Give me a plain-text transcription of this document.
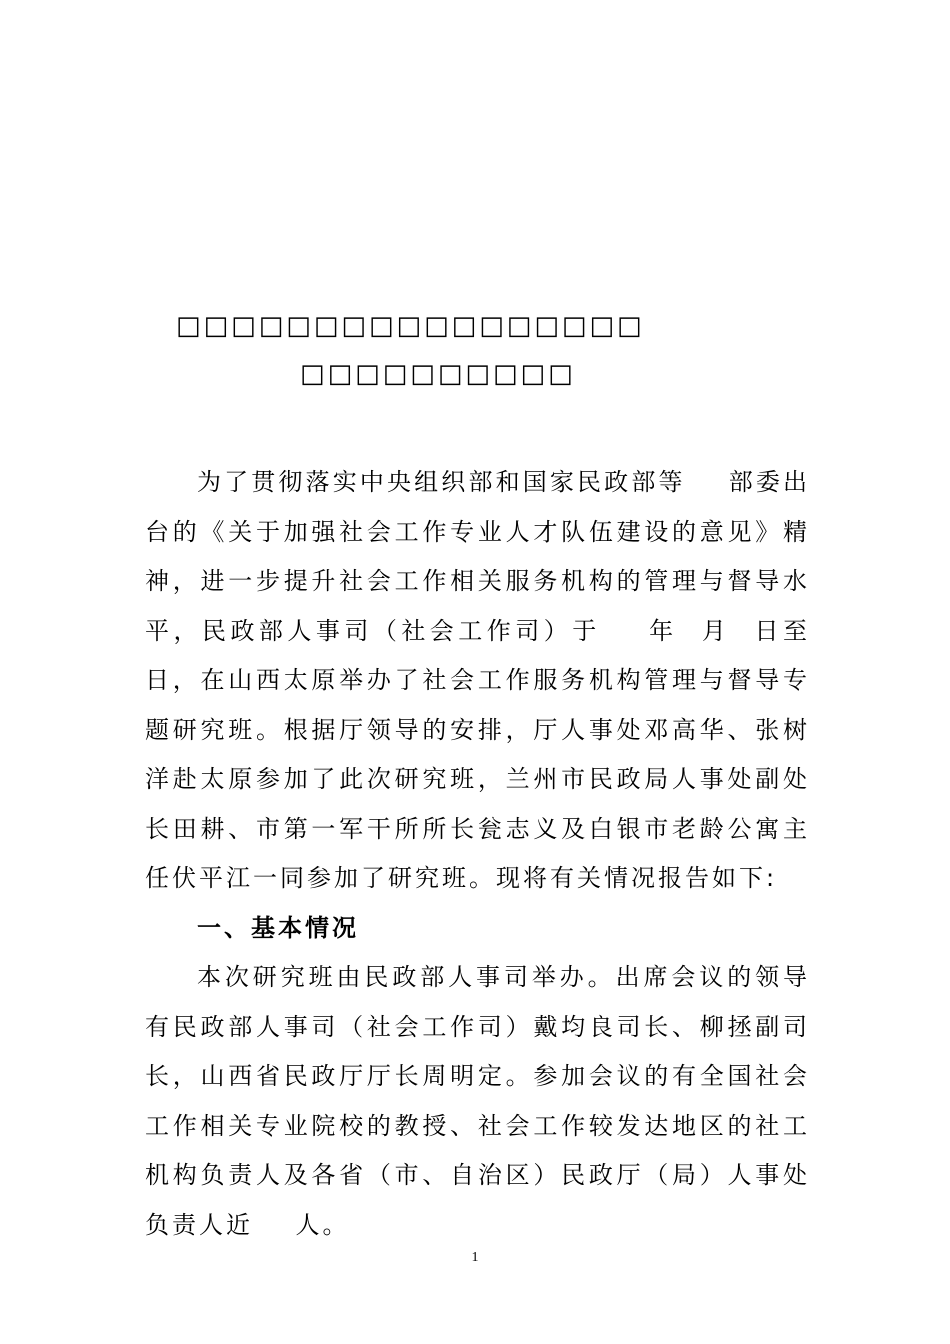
□□□□□□□□□□□□□□□□□
□□□□□□□□□□

为了贯彻落实中央组织部和国家民政部等    部委出台的《关于加强社会工作专业人才队伍建设的意见》精神，进一步提升社会工作相关服务机构的管理与督导水平，民政部人事司（社会工作司）于    年  月  日至  日，在山西太原举办了社会工作服务机构管理与督导专题研究班。根据厅领导的安排，厅人事处邓高华、张树洋赴太原参加了此次研究班，兰州市民政局人事处副处长田耕、市第一军干所所长瓮志义及白银市老龄公寓主任伏平江一同参加了研究班。现将有关情况报告如下:

一、基本情况

本次研究班由民政部人事司举办。出席会议的领导有民政部人事司（社会工作司）戴均良司长、柳拯副司长，山西省民政厅厅长周明定。参加会议的有全国社会工作相关专业院校的教授、社会工作较发达地区的社工机构负责人及各省（市、自治区）民政厅（局）人事处负责人近    人。

1
